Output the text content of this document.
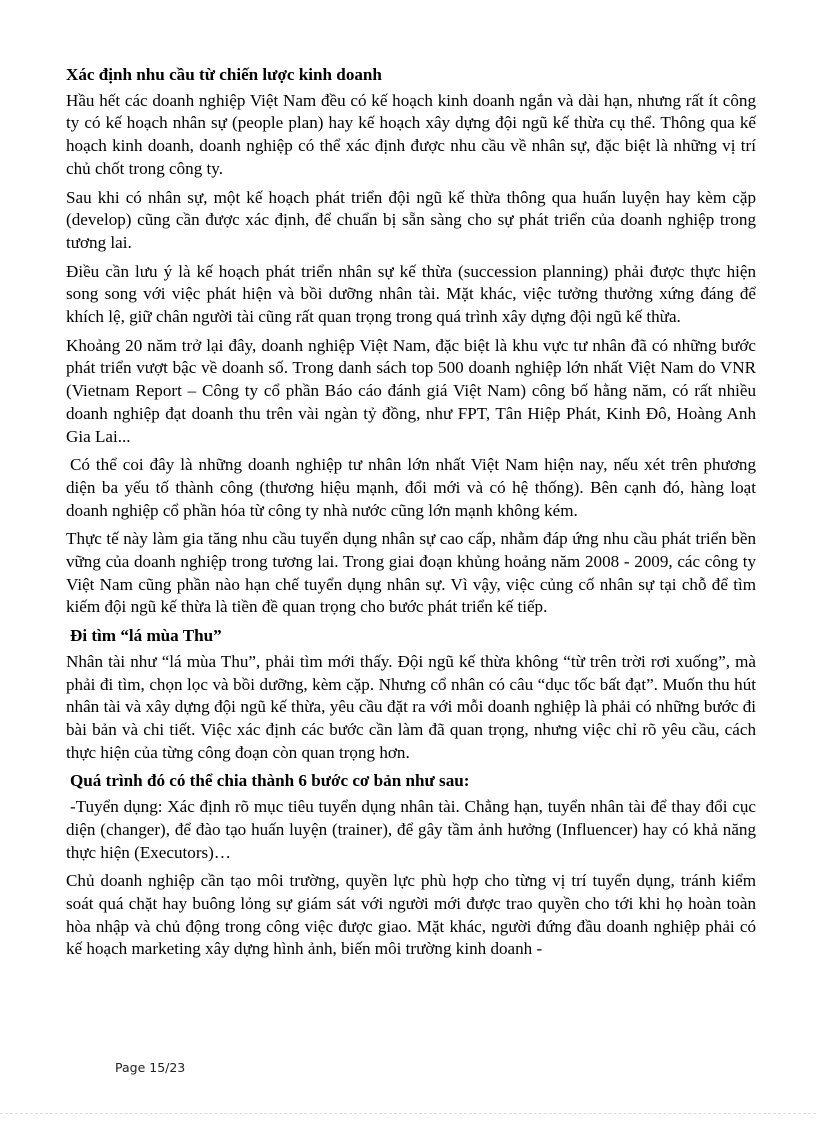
Xác định nhu cầu từ chiến lược kinh doanh

Hầu hết các doanh nghiệp Việt Nam đều có kế hoạch kinh doanh ngắn và dài hạn, nhưng rất ít công ty có kế hoạch nhân sự (people plan) hay kế hoạch xây dựng đội ngũ kế thừa cụ thể. Thông qua kế hoạch kinh doanh, doanh nghiệp có thể xác định được nhu cầu về nhân sự, đặc biệt là những vị trí chủ chốt trong công ty.

Sau khi có nhân sự, một kế hoạch phát triển đội ngũ kế thừa thông qua huấn luyện hay kèm cặp (develop) cũng cần được xác định, để chuẩn bị sẵn sàng cho sự phát triển của doanh nghiệp trong tương lai.

Điều cần lưu ý là kế hoạch phát triển nhân sự kế thừa (succession planning) phải được thực hiện song song với việc phát hiện và bồi dưỡng nhân tài. Mặt khác, việc tưởng thưởng xứng đáng để khích lệ, giữ chân người tài cũng rất quan trọng trong quá trình xây dựng đội ngũ kế thừa.

Khoảng 20 năm trở lại đây, doanh nghiệp Việt Nam, đặc biệt là khu vực tư nhân đã có những bước phát triển vượt bậc về doanh số. Trong danh sách top 500 doanh nghiệp lớn nhất Việt Nam do VNR (Vietnam Report – Công ty cổ phần Báo cáo đánh giá Việt Nam) công bố hằng năm, có rất nhiều doanh nghiệp đạt doanh thu trên vài ngàn tỷ đồng, như FPT, Tân Hiệp Phát, Kinh Đô, Hoàng Anh Gia Lai...

Có thể coi đây là những doanh nghiệp tư nhân lớn nhất Việt Nam hiện nay, nếu xét trên phương diện ba yếu tố thành công (thương hiệu mạnh, đổi mới và có hệ thống). Bên cạnh đó, hàng loạt doanh nghiệp cổ phần hóa từ công ty nhà nước cũng lớn mạnh không kém.

Thực tế này làm gia tăng nhu cầu tuyển dụng nhân sự cao cấp, nhằm đáp ứng nhu cầu phát triển bền vững của doanh nghiệp trong tương lai. Trong giai đoạn khủng hoảng năm 2008 - 2009, các công ty Việt Nam cũng phần nào hạn chế tuyển dụng nhân sự. Vì vậy, việc củng cố nhân sự tại chỗ để tìm kiếm đội ngũ kế thừa là tiền đề quan trọng cho bước phát triển kế tiếp.

Đi tìm “lá mùa Thu”

Nhân tài như “lá mùa Thu”, phải tìm mới thấy. Đội ngũ kế thừa không “từ trên trời rơi xuống”, mà phải đi tìm, chọn lọc và bồi dưỡng, kèm cặp. Nhưng cổ nhân có câu “dục tốc bất đạt”. Muốn thu hút nhân tài và xây dựng đội ngũ kế thừa, yêu cầu đặt ra với mỗi doanh nghiệp là phải có những bước đi bài bản và chi tiết. Việc xác định các bước cần làm đã quan trọng, nhưng việc chỉ rõ yêu cầu, cách thực hiện của từng công đoạn còn quan trọng hơn.

Quá trình đó có thể chia thành 6 bước cơ bản như sau:

-Tuyển dụng: Xác định rõ mục tiêu tuyển dụng nhân tài. Chẳng hạn, tuyển nhân tài để thay đổi cục diện (changer), để đào tạo huấn luyện (trainer), để gây tầm ảnh hưởng (Influencer) hay có khả năng thực hiện (Executors)…

Chủ doanh nghiệp cần tạo môi trường, quyền lực phù hợp cho từng vị trí tuyển dụng, tránh kiểm soát quá chặt hay buông lỏng sự giám sát với người mới được trao quyền cho tới khi họ hoàn toàn hòa nhập và chủ động trong công việc được giao. Mặt khác, người đứng đầu doanh nghiệp phải có kế hoạch marketing xây dựng hình ảnh, biến môi trường kinh doanh -

Page 15/23
